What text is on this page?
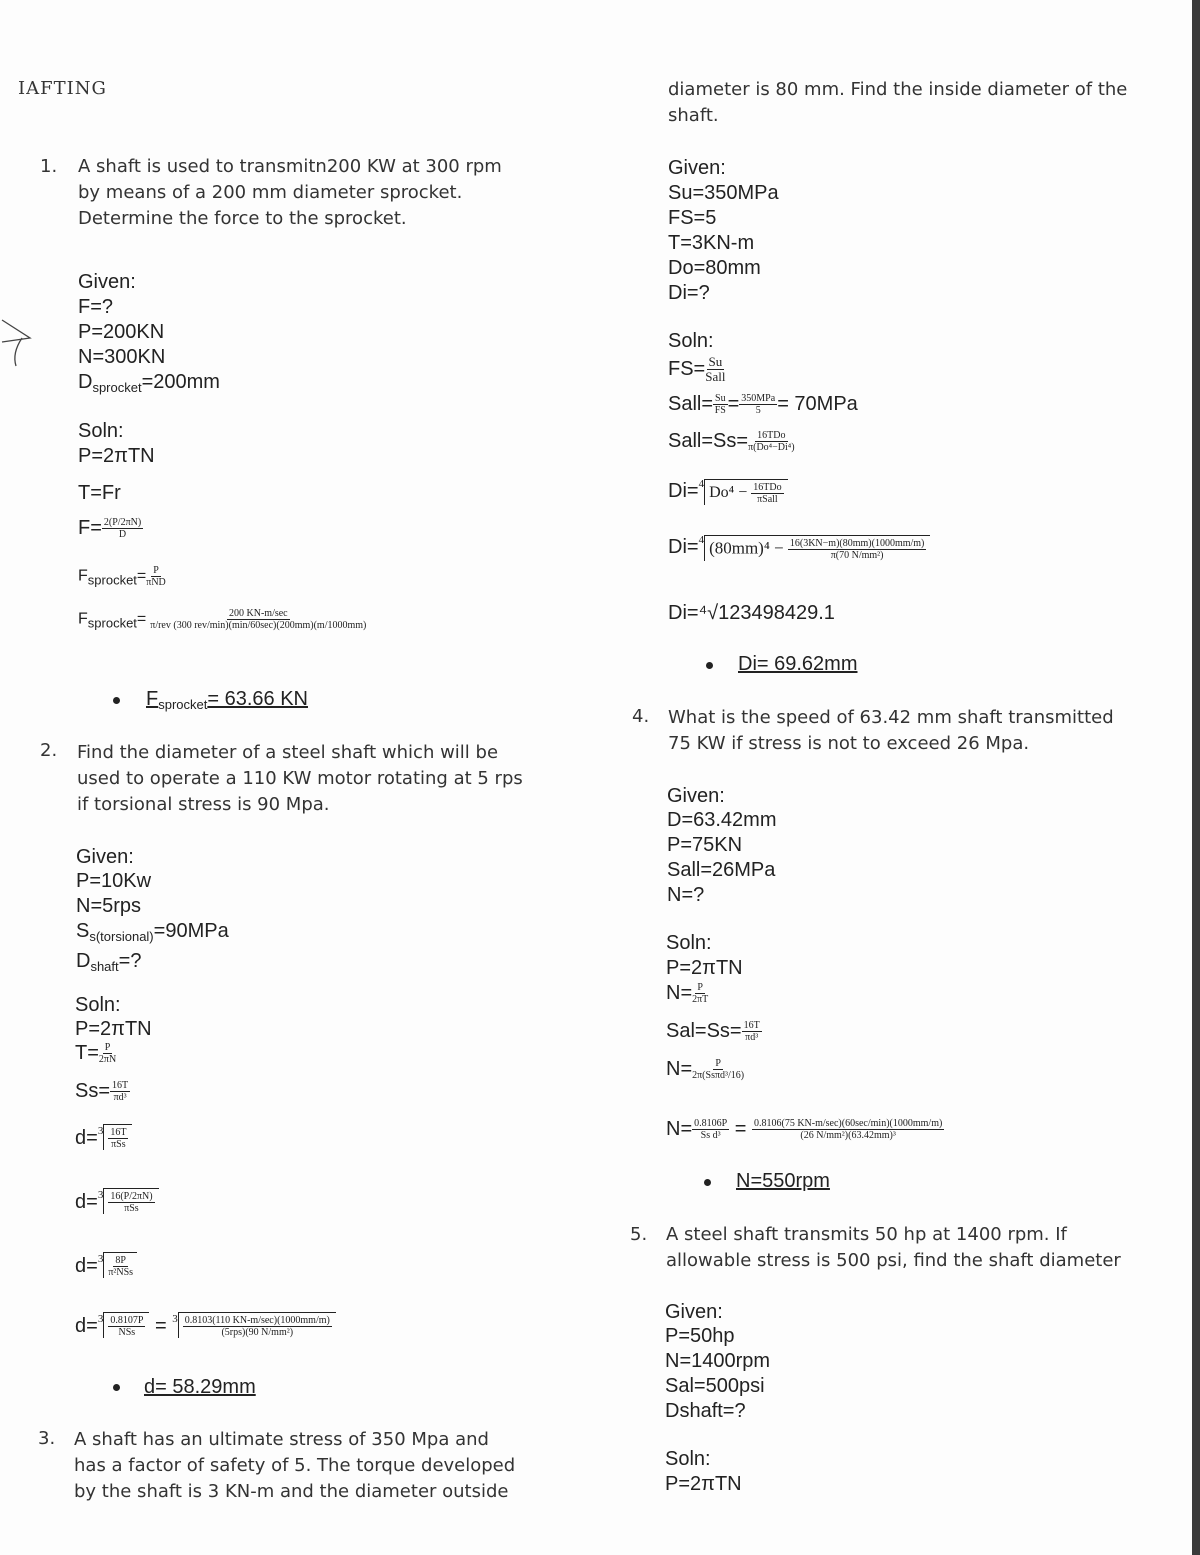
IAFTING
1. A shaft is used to transmitn200 KW at 300 rpm by means of a 200 mm diameter sprocket. Determine the force to the sprocket.
Given:
F=?
P=200KN
N=300KN
$D_{sprocket}=200mm$
Soln:
P=2πTN
T=Fr
$F= \frac{2(P/2\pi N)}{D}$
$F_{sprocket}= P$
πND
$F_{sprocket}=$	200 KN-m/sec
π/rev (300 rev/min)(min/60sec)(200mm)(m/1000mm)
$F_{sprocket}= 63.66$ KN
2. Find the diameter of a steel shaft which will be used to operate a 110 KW motor rotating at 5 rps if torsional stress is 90 Mpa.
Given:
P=10Kw
N=5rps
$S_{s(torsional)}=90MPa$
$D_{shaft}=$?
Soln:
P=2πTN
$T= \frac{P}{2\pi N}$
$Ss= \frac{16T}{\text{πd³}}$
d=$^3$ 16T
πSs
d=$^3$ 16(P/2πN)
πSs
d=$^3$ 8P
π²NSs
d=$^3$ 0.8107P
NSs = $^3$ 0.8103(110 KN-m/sec)(1000mm/m)
(5rps)(90 N/mm²)
d= 58.29mm
3. A shaft has an ultimate stress of 350 Mpa and has a factor of safety of 5. The torque developed by the shaft is 3 KN-m and the diameter outside
diameter is 80 mm. Find the inside diameter of the shaft.
Given:
Su=350MPa
FS=5
T=3KN-m
Do=80mm
Di=?
Soln:
FS= Su
Sall
Sall= $\frac{Su}{FS} = 350MPa$
5 = 70MPa
Sall=Ss= 16TDo
π(Do⁴−Di⁴)
Di=$^4$ Do⁴ − 16TDo
πSall
Di=$^4$ $(80mm)^4 - \frac{16(3KN-m)(80mm)(1000mm/m)}{\text{π(70 N/mm²)}}$
Di=⁴√123498429.1
Di= 69.62mm
4. What is the speed of 63.42 mm shaft transmitted 75 KW if stress is not to exceed 26 Mpa.
Given:
D=63.42mm
P=75KN
Sall=26MPa
N=?
Soln:
P=2πTN
$N= \frac{P}{2\pi T}$
$Sal=Ss= \frac{16T}{\text{πd³}}$
N= P
2π(Ssπd³/16)
$N= \frac{0.8106P}{\text{Ss d³}} = 0.8106(75$ KN-m/sec)(60sec/min)(1000mm/m)
(26 N/mm²)(63.42mm)³
N=550rpm
5. A steel shaft transmits 50 hp at 1400 rpm. If allowable stress is 500 psi, find the shaft diameter
Given:
P=50hp
N=1400rpm
Sal=500psi
Dshaft=?
Soln:
P=2πTN
